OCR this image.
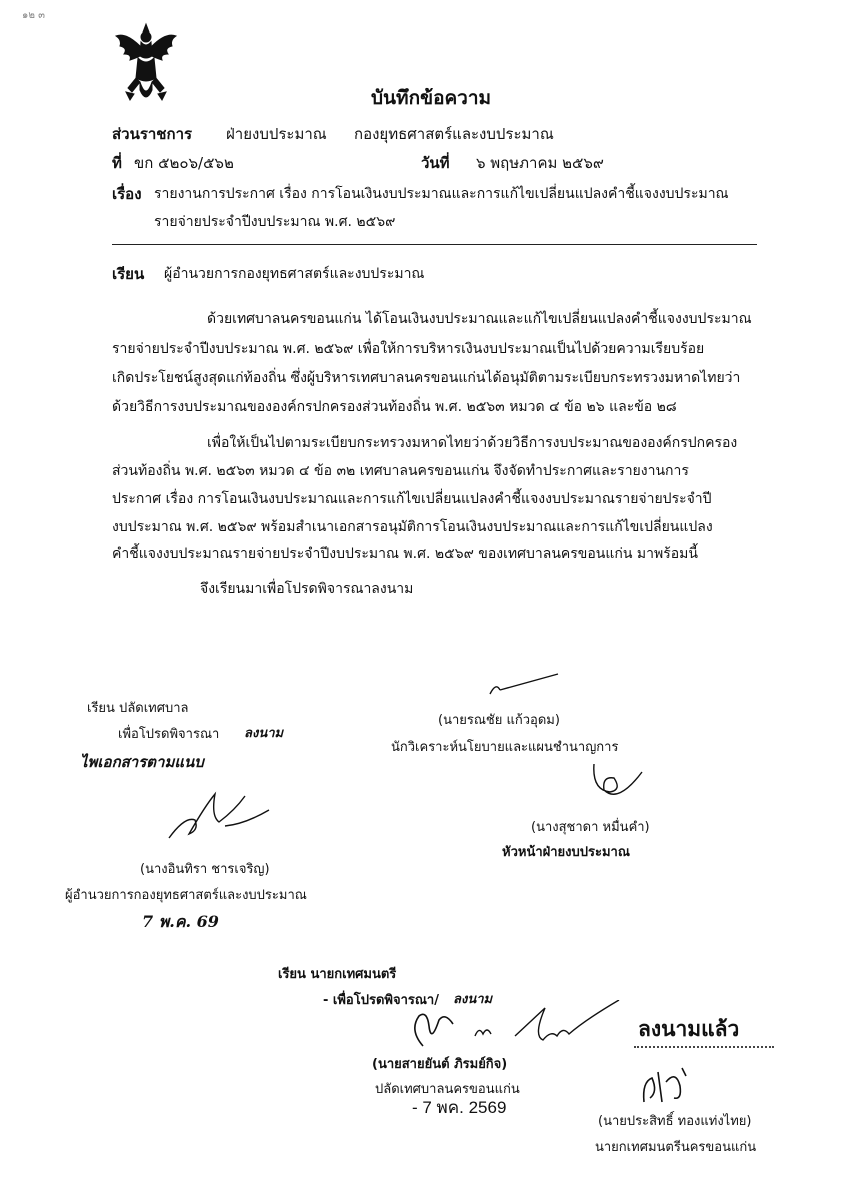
๑๒ ๓
บันทึกข้อความ
ส่วนราชการ ฝ่ายงบประมาณ กองยุทธศาสตร์และงบประมาณ
ที่ ขก ๕๒๐๖/๕๖๒	วันที่ ๖ พฤษภาคม ๒๕๖๙
เรื่อง รายงานการประกาศ เรื่อง การโอนเงินงบประมาณและการแก้ไขเปลี่ยนแปลงคำชี้แจงงบประมาณ
รายจ่ายประจำปีงบประมาณ พ.ศ. ๒๕๖๙
เรียน ผู้อำนวยการกองยุทธศาสตร์และงบประมาณ
ด้วยเทศบาลนครขอนแก่น ได้โอนเงินงบประมาณและแก้ไขเปลี่ยนแปลงคำชี้แจงงบประมาณ
รายจ่ายประจำปีงบประมาณ พ.ศ. ๒๕๖๙ เพื่อให้การบริหารเงินงบประมาณเป็นไปด้วยความเรียบร้อย
เกิดประโยชน์สูงสุดแก่ท้องถิ่น ซึ่งผู้บริหารเทศบาลนครขอนแก่นได้อนุมัติตามระเบียบกระทรวงมหาดไทยว่า
ด้วยวิธีการงบประมาณขององค์กรปกครองส่วนท้องถิ่น พ.ศ. ๒๕๖๓ หมวด ๔ ข้อ ๒๖ และข้อ ๒๘
เพื่อให้เป็นไปตามระเบียบกระทรวงมหาดไทยว่าด้วยวิธีการงบประมาณขององค์กรปกครอง
ส่วนท้องถิ่น พ.ศ. ๒๕๖๓ หมวด ๔ ข้อ ๓๒ เทศบาลนครขอนแก่น จึงจัดทำประกาศและรายงานการ
ประกาศ เรื่อง การโอนเงินงบประมาณและการแก้ไขเปลี่ยนแปลงคำชี้แจงงบประมาณรายจ่ายประจำปี
งบประมาณ พ.ศ. ๒๕๖๙ พร้อมสำเนาเอกสารอนุมัติการโอนเงินงบประมาณและการแก้ไขเปลี่ยนแปลง
คำชี้แจงงบประมาณรายจ่ายประจำปีงบประมาณ พ.ศ. ๒๕๖๙ ของเทศบาลนครขอนแก่น มาพร้อมนี้
จึงเรียนมาเพื่อโปรดพิจารณาลงนาม
(นายรณชัย แก้วอุดม)
นักวิเคราะห์นโยบายและแผนชำนาญการ
(นางสุชาดา หมื่นคำ)
หัวหน้าฝ่ายงบประมาณ
เรียน ปลัดเทศบาล
เพื่อโปรดพิจารณา ลงนาม
ไพเอกสารตามแนบ
(นางอินทิรา ชารเจริญ)
ผู้อำนวยการกองยุทธศาสตร์และงบประมาณ
7 พ.ค. 69
เรียน นายกเทศมนตรี
- เพื่อโปรดพิจารณา/ ลงนาม
(นายสายยันต์ ภิรมย์กิจ)
ปลัดเทศบาลนครขอนแก่น
- 7 พค. 2569
ลงนามแล้ว
(นายประสิทธิ์ ทองแท่งไทย)
นายกเทศมนตรีนครขอนแก่น
